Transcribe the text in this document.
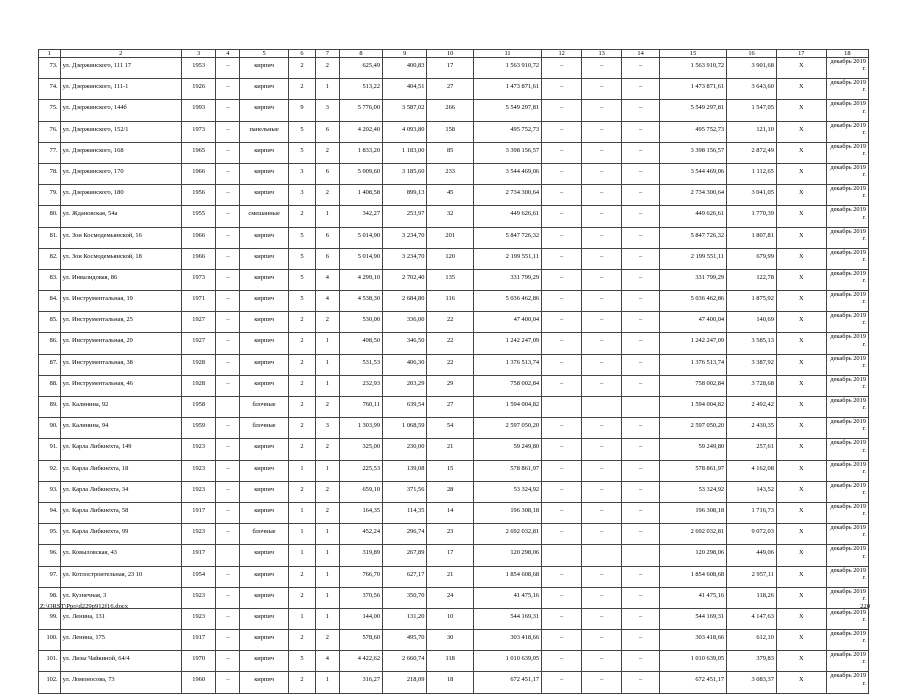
1	2	3	4	5	6	7	8	9	10	11	12	13	14	15	16	17	18
73.	ул. Дзержинского, 111 17	1953	–	кирпич	2	2	625,49	400,83	17	1 563 910,72	–	–	–	1 563 910,72	3 901,68	X	декабрь 2019 г.
74.	ул. Дзержинского, 111-1	1926	–	кирпич	2	1	513,22	404,51	27	1 473 871,61	–	–	–	1 473 871,61	3 643,60	X	декабрь 2019 г.
75.	ул. Дзержинского, 144б	1993	–	кирпич	9	3	5 776,00	3 587,02	266	5 549 297,81	–	–	–	5 549 297,81	1 547,05	X	декабрь 2019 г.
76.	ул. Дзержинского, 152/1	1973	–	панельные	5	6	4 202,40	4 093,80	158	495 752,73	–	–	–	495 752,73	121,10	X	декабрь 2019 г.
77.	ул. Дзержинского, 168	1965	–	кирпич	5	2	1 833,20	1 183,00	85	3 398 156,57	–	–	–	3 398 156,57	2 872,49	X	декабрь 2019 г.
78.	ул. Дзержинского, 170	1966	–	кирпич	3	6	5 009,60	3 185,60	233	3 544 469,06	–	–	–	3 544 469,06	1 112,65	X	декабрь 2019 г.
79.	ул. Дзержинского, 180	1956	–	кирпич	3	2	1 408,58	899,13	45	2 734 300,64	–	–	–	2 734 300,64	3 041,05	X	декабрь 2019 г.
80.	ул. Ждановская, 54а	1955	–	смешанные	2	1	342,27	253,97	32	449 626,61	–	–	–	449 626,61	1 770,39	X	декабрь 2019 г.
81.	ул. Зои Космодемьянской, 16	1966	–	кирпич	5	6	5 014,90	3 234,70	201	5 847 726,32	–	–	–	5 847 726,32	1 807,81	X	декабрь 2019 г.
82.	ул. Зои Космодемьянской, 18	1966	–	кирпич	5	6	5 014,90	3 234,70	120	2 199 551,11	–	–	–	2 199 551,11	679,99	X	декабрь 2019 г.
83.	ул. Инвалидовая, 86	1973	–	кирпич	5	4	4 299,10	2 702,40	135	331 799,29	–	–	–	331 799,29	122,78	X	декабрь 2019 г.
84.	ул. Инструментальная, 19	1971	–	кирпич	5	4	4 538,30	2 684,80	116	5 036 462,86	–	–	–	5 036 462,86	1 875,92	X	декабрь 2019 г.
85.	ул. Инструментальная, 25	1927	–	кирпич	2	2	530,00	336,00	22	47 400,04	–	–	–	47 400,04	140,69	X	декабрь 2019 г.
86.	ул. Инструментальная, 29	1927	–	кирпич	2	1	498,50	346,50	22	1 242 247,09	–	–	–	1 242 247,09	3 585,13	X	декабрь 2019 г.
87.	ул. Инструментальная, 38	1928	–	кирпич	2	1	531,53	406,30	22	1 376 513,74	–	–	–	1 376 513,74	3 387,92	X	декабрь 2019 г.
88.	ул. Инструментальная, 46	1928	–	кирпич	2	1	232,93	203,29	29	758 002,84	–	–	–	758 002,84	3 728,68	X	декабрь 2019 г.
89.	ул. Калинина, 92	1958		блочные	2	2	760,11	639,54	27	1 594 004,82				1 594 004,82	2 492,42	X	декабрь 2019 г.
90.	ул. Калинина, 94	1959	–	блочные	2	3	1 303,99	1 068,59	54	2 597 050,20	–	–	–	2 597 050,20	2 430,35	X	декабрь 2019 г.
91.	ул. Карла Либкнехта, 149	1923	–	кирпич	2	2	325,00	230,00	21	59 249,80	–	–	–	59 249,80	257,61	X	декабрь 2019 г.
92.	ул. Карла Либкнехта, 18	1923	–	кирпич	1	1	225,53	139,08	15	578 861,97	–	–	–	578 861,97	4 162,08	X	декабрь 2019 г.
93.	ул. Карла Либкнехта, 34	1923	–	кирпич	2	2	659,10	371,56	28	53 324,92	–	–	–	53 324,92	143,52	X	декабрь 2019 г.
94.	ул. Карла Либкнехта, 58	1917	–	кирпич	1	2	164,35	114,35	14	196 308,18	–	–	–	196 308,18	1 716,73	X	декабрь 2019 г.
95.	ул. Карла Либкнехта, 99	1923	–	блочные	1	1	452,24	296,74	23	2 692 032,81	–	–	–	2 692 032,81	9 072,03	X	декабрь 2019 г.
96.	ул. Ковыловская, 43	1917		кирпич	1	1	319,89	267,89	17	120 298,06				120 298,06	449,06	X	декабрь 2019 г.
97.	ул. Котлостроительная, 23 10	1954	–	кирпич	2	1	766,70	627,17	21	1 854 608,68	–	–	–	1 854 608,68	2 957,11	X	декабрь 2019 г.
98.	ул. Кузнечная, 3	1923	–	кирпич	2	1	370,56	350,70	24	41 475,16	–	–	–	41 475,16	118,26	X	декабрь 2019 г.
99.	ул. Ленина, 131	1923	–	кирпич	1	1	144,00	131,20	10	544 169,31	–	–	–	544 169,31	4 147,63	X	декабрь 2019 г.
100.	ул. Ленина, 175	1917	–	кирпич	2	2	578,60	495,70	30	303 418,66	–	–	–	303 418,66	612,10	X	декабрь 2019 г.
101.	ул. Лизы Чайкиной, 64/4	1970	–	кирпич	5	4	4 422,62	2 660,74	118	1 010 639,05	–	–	–	1 010 639,05	379,83	X	декабрь 2019 г.
102.	ул. Ломоносова, 73	1960	–	кирпич	2	1	316,27	218,09	18	672 451,17	–	–	–	672 451,17	3 083,37	X	декабрь 2019 г.
Z:\ORST\Ppo\d229p912f16.docx	220
